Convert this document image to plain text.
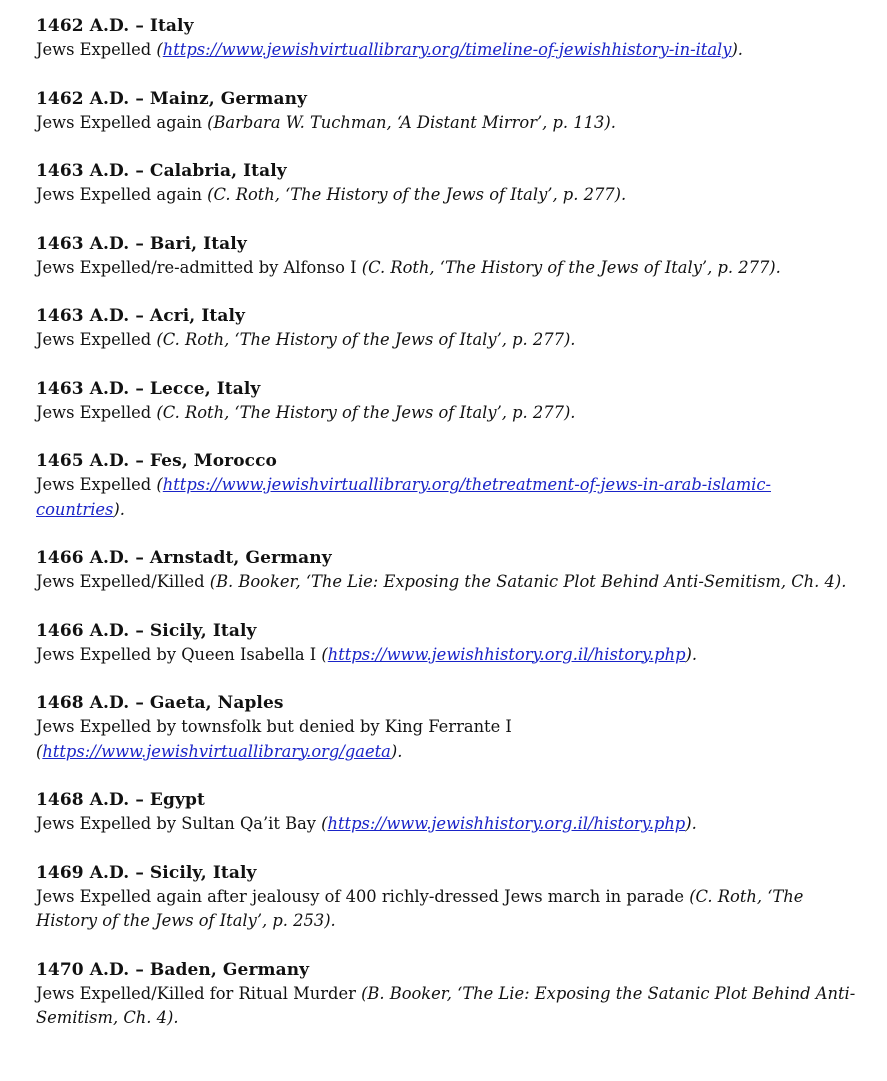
1462 A.D. – Italy
Jews Expelled (https://www.jewishvirtuallibrary.org/timeline-of-jewishhistory-in-italy).
1462 A.D. – Mainz, Germany
Jews Expelled again (Barbara W. Tuchman, ‘A Distant Mirror’, p. 113).
1463 A.D. – Calabria, Italy
Jews Expelled again (C. Roth, ‘The History of the Jews of Italy’, p. 277).
1463 A.D. – Bari, Italy
Jews Expelled/re-admitted by Alfonso I (C. Roth, ‘The History of the Jews of Italy’, p. 277).
1463 A.D. – Acri, Italy
Jews Expelled (C. Roth, ‘The History of the Jews of Italy’, p. 277).
1463 A.D. – Lecce, Italy
Jews Expelled (C. Roth, ‘The History of the Jews of Italy’, p. 277).
1465 A.D. – Fes, Morocco
Jews Expelled (https://www.jewishvirtuallibrary.org/thetreatment-of-jews-in-arab-islamic-countries).
1466 A.D. – Arnstadt, Germany
Jews Expelled/Killed (B. Booker, ‘The Lie: Exposing the Satanic Plot Behind Anti-Semitism, Ch. 4).
1466 A.D. – Sicily, Italy
Jews Expelled by Queen Isabella I (https://www.jewishhistory.org.il/history.php).
1468 A.D. – Gaeta, Naples
Jews Expelled by townsfolk but denied by King Ferrante I (https://www.jewishvirtuallibrary.org/gaeta).
1468 A.D. – Egypt
Jews Expelled by Sultan Qa’it Bay (https://www.jewishhistory.org.il/history.php).
1469 A.D. – Sicily, Italy
Jews Expelled again after jealousy of 400 richly-dressed Jews march in parade (C. Roth, ‘The History of the Jews of Italy’, p. 253).
1470 A.D. – Baden, Germany
Jews Expelled/Killed for Ritual Murder (B. Booker, ‘The Lie: Exposing the Satanic Plot Behind Anti-Semitism, Ch. 4).
